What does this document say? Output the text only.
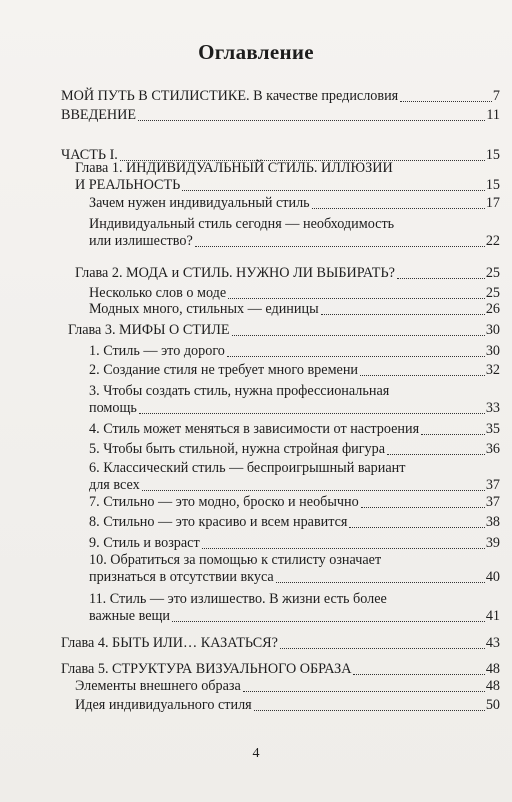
Оглавление
МОЙ ПУТЬ В СТИЛИСТИКЕ. В качестве предисловия	7
ВВЕДЕНИЕ	11
ЧАСТЬ I.	15
Глава 1. ИНДИВИДУАЛЬНЫЙ СТИЛЬ. ИЛЛЮЗИИ
И РЕАЛЬНОСТЬ	15
Зачем нужен индивидуальный стиль	17
Индивидуальный стиль сегодня — необходимость
или излишество?	22
Глава 2. МОДА и СТИЛЬ. НУЖНО ЛИ ВЫБИРАТЬ?	25
Несколько слов о моде	25
Модных много, стильных — единицы	26
Глава 3. МИФЫ О СТИЛЕ	30
1. Стиль — это дорого	30
2. Создание стиля не требует много времени	32
3. Чтобы создать стиль, нужна профессиональная
помощь	33
4. Стиль может меняться в зависимости от настроения	35
5. Чтобы быть стильной, нужна стройная фигура	36
6. Классический стиль — беспроигрышный вариант
для всех	37
7. Стильно — это модно, броско и необычно	37
8. Стильно — это красиво и всем нравится	38
9. Стиль и возраст	39
10. Обратиться за помощью к стилисту означает
признаться в отсутствии вкуса	40
11. Стиль — это излишество. В жизни есть более
важные вещи	41
Глава 4. БЫТЬ ИЛИ… КАЗАТЬСЯ?	43
Глава 5. СТРУКТУРА ВИЗУАЛЬНОГО ОБРАЗА	48
Элементы внешнего образа	48
Идея индивидуального стиля	50
4
